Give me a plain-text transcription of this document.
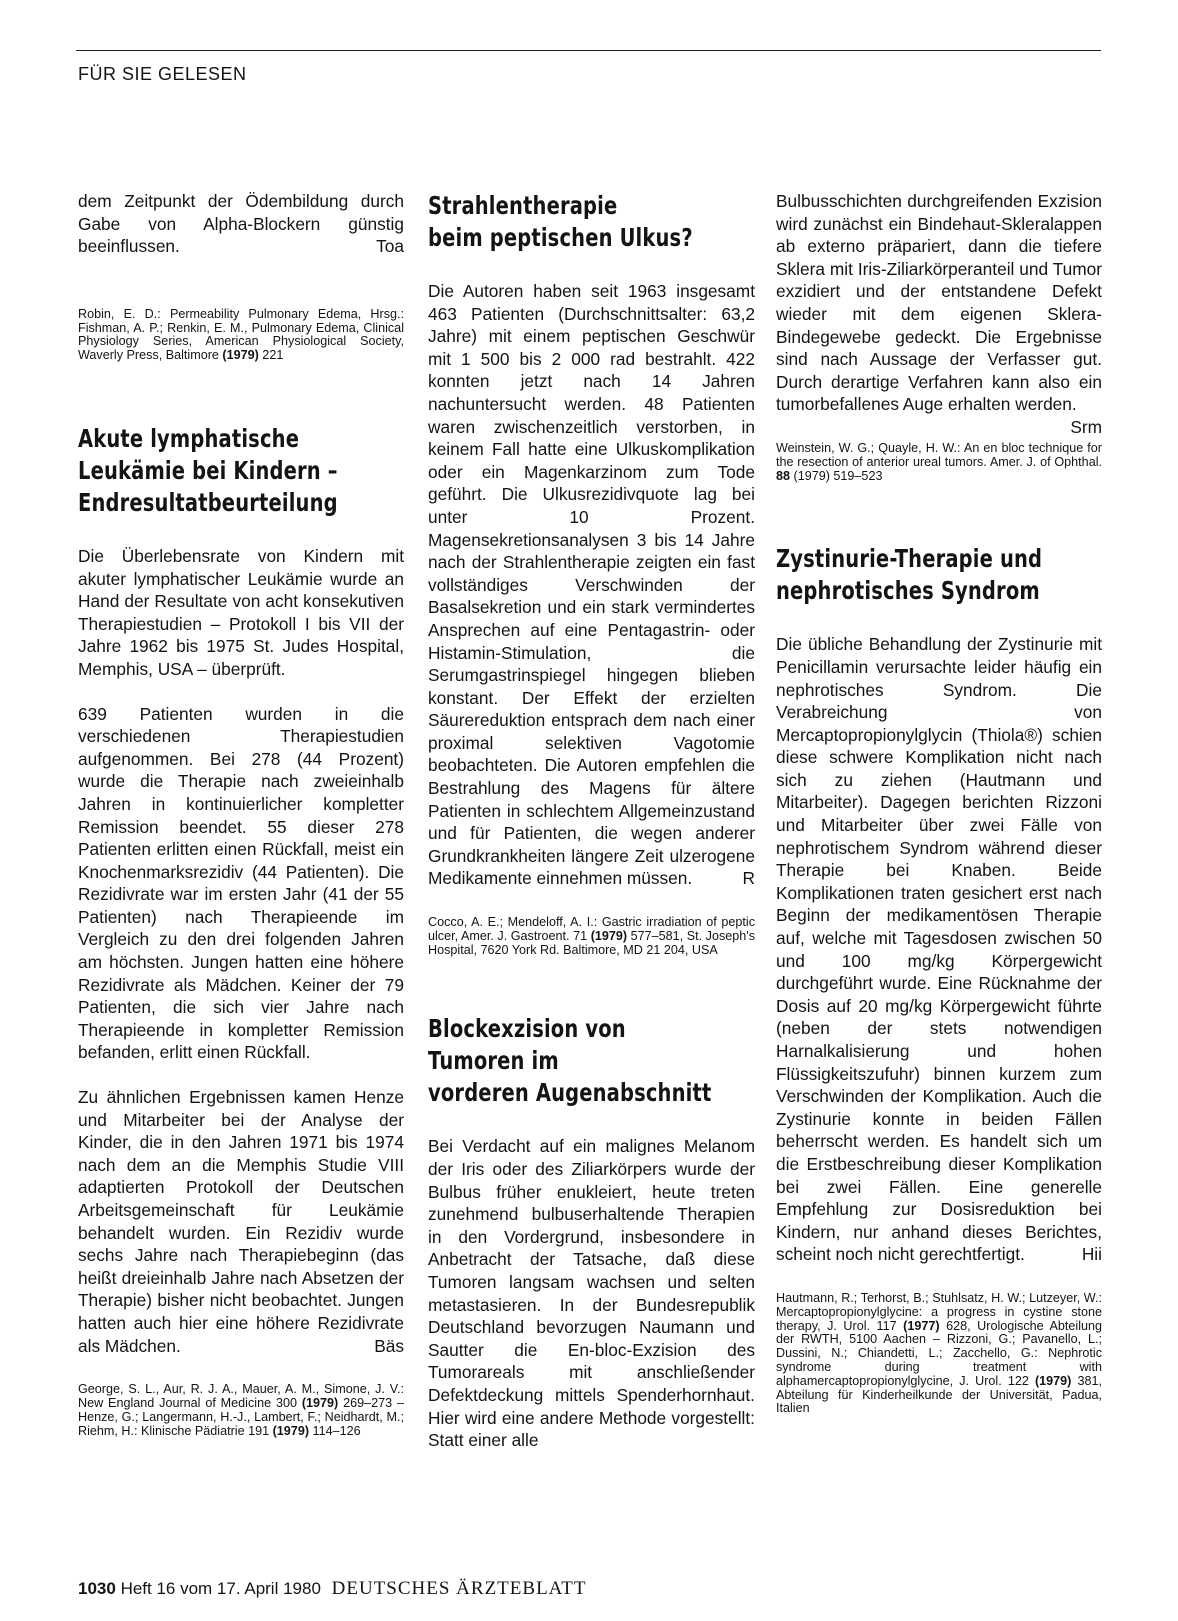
FÜR SIE GELESEN

dem Zeitpunkt der Ödembildung durch Gabe von Alpha-Blockern günstig beeinflussen.	Toa

Robin, E. D.: Permeability Pulmonary Edema, Hrsg.: Fishman, A. P.; Renkin, E. M., Pulmonary Edema, Clinical Physiology Series, American Physiological Society, Waverly Press, Baltimore (1979) 221

Akute lymphatische
Leukämie bei Kindern –
Endresultatbeurteilung

Die Überlebensrate von Kindern mit akuter lymphatischer Leukämie wurde an Hand der Resultate von acht konsekutiven Therapiestudien – Protokoll I bis VII der Jahre 1962 bis 1975 St. Judes Hospital, Memphis, USA – überprüft.

639 Patienten wurden in die verschiedenen Therapiestudien aufgenommen. Bei 278 (44 Prozent) wurde die Therapie nach zweieinhalb Jahren in kontinuierlicher kompletter Remission beendet. 55 dieser 278 Patienten erlitten einen Rückfall, meist ein Knochenmarksrezidiv (44 Patienten). Die Rezidivrate war im ersten Jahr (41 der 55 Patienten) nach Therapieende im Vergleich zu den drei folgenden Jahren am höchsten. Jungen hatten eine höhere Rezidivrate als Mädchen. Keiner der 79 Patienten, die sich vier Jahre nach Therapieende in kompletter Remission befanden, erlitt einen Rückfall.

Zu ähnlichen Ergebnissen kamen Henze und Mitarbeiter bei der Analyse der Kinder, die in den Jahren 1971 bis 1974 nach dem an die Memphis Studie VIII adaptierten Protokoll der Deutschen Arbeitsgemeinschaft für Leukämie behandelt wurden. Ein Rezidiv wurde sechs Jahre nach Therapiebeginn (das heißt dreieinhalb Jahre nach Absetzen der Therapie) bisher nicht beobachtet. Jungen hatten auch hier eine höhere Rezidivrate als Mädchen.	Bäs

George, S. L., Aur, R. J. A., Mauer, A. M., Simone, J. V.: New England Journal of Medicine 300 (1979) 269–273 – Henze, G.; Langermann, H.-J., Lambert, F.; Neidhardt, M.; Riehm, H.: Klinische Pädiatrie 191 (1979) 114–126

Strahlentherapie
beim peptischen Ulkus?

Die Autoren haben seit 1963 insgesamt 463 Patienten (Durchschnittsalter: 63,2 Jahre) mit einem peptischen Geschwür mit 1 500 bis 2 000 rad bestrahlt. 422 konnten jetzt nach 14 Jahren nachuntersucht werden. 48 Patienten waren zwischenzeitlich verstorben, in keinem Fall hatte eine Ulkuskomplikation oder ein Magenkarzinom zum Tode geführt. Die Ulkusrezidivquote lag bei unter 10 Prozent. Magensekretionsanalysen 3 bis 14 Jahre nach der Strahlentherapie zeigten ein fast vollständiges Verschwinden der Basalsekretion und ein stark vermindertes Ansprechen auf eine Pentagastrin- oder Histamin-Stimulation, die Serumgastrinspiegel hingegen blieben konstant. Der Effekt der erzielten Säurereduktion entsprach dem nach einer proximal selektiven Vagotomie beobachteten. Die Autoren empfehlen die Bestrahlung des Magens für ältere Patienten in schlechtem Allgemeinzustand und für Patienten, die wegen anderer Grundkrankheiten längere Zeit ulzerogene Medikamente einnehmen müssen.	R

Cocco, A. E.; Mendeloff, A. I.: Gastric irradiation of peptic ulcer, Amer. J. Gastroent. 71 (1979) 577–581, St. Joseph's Hospital, 7620 York Rd. Baltimore, MD 21 204, USA

Blockexzision von
Tumoren im
vorderen Augenabschnitt

Bei Verdacht auf ein malignes Melanom der Iris oder des Ziliarkörpers wurde der Bulbus früher enukleiert, heute treten zunehmend bulbuserhaltende Therapien in den Vordergrund, insbesondere in Anbetracht der Tatsache, daß diese Tumoren langsam wachsen und selten metastasieren. In der Bundesrepublik Deutschland bevorzugen Naumann und Sautter die En-bloc-Exzision des Tumorareals mit anschließender Defektdeckung mittels Spenderhornhaut. Hier wird eine andere Methode vorgestellt: Statt einer alle

Bulbusschichten durchgreifenden Exzision wird zunächst ein Bindehaut-Skleralappen ab externo präpariert, dann die tiefere Sklera mit Iris-Ziliarkörperanteil und Tumor exzidiert und der entstandene Defekt wieder mit dem eigenen Sklera-Bindegewebe gedeckt. Die Ergebnisse sind nach Aussage der Verfasser gut. Durch derartige Verfahren kann also ein tumorbefallenes Auge erhalten werden.
Srm

Weinstein, W. G.; Quayle, H. W.: An en bloc technique for the resection of anterior ureal tumors. Amer. J. of Ophthal. 88 (1979) 519–523

Zystinurie-Therapie und
nephrotisches Syndrom

Die übliche Behandlung der Zystinurie mit Penicillamin verursachte leider häufig ein nephrotisches Syndrom. Die Verabreichung von Mercaptopropionylglycin (Thiola®) schien diese schwere Komplikation nicht nach sich zu ziehen (Hautmann und Mitarbeiter). Dagegen berichten Rizzoni und Mitarbeiter über zwei Fälle von nephrotischem Syndrom während dieser Therapie bei Knaben. Beide Komplikationen traten gesichert erst nach Beginn der medikamentösen Therapie auf, welche mit Tagesdosen zwischen 50 und 100 mg/kg Körpergewicht durchgeführt wurde. Eine Rücknahme der Dosis auf 20 mg/kg Körpergewicht führte (neben der stets notwendigen Harnalkalisierung und hohen Flüssigkeitszufuhr) binnen kurzem zum Verschwinden der Komplikation. Auch die Zystinurie konnte in beiden Fällen beherrscht werden. Es handelt sich um die Erstbeschreibung dieser Komplikation bei zwei Fällen. Eine generelle Empfehlung zur Dosisreduktion bei Kindern, nur anhand dieses Berichtes, scheint noch nicht gerechtfertigt.	Hii

Hautmann, R.; Terhorst, B.; Stuhlsatz, H. W.; Lutzeyer, W.: Mercaptopropionylglycine: a progress in cystine stone therapy, J. Urol. 117 (1977) 628, Urologische Abteilung der RWTH, 5100 Aachen – Rizzoni, G.; Pavanello, L.; Dussini, N.; Chiandetti, L.; Zacchello, G.: Nephrotic syndrome during treatment with alphamercaptopropionylglycine, J. Urol. 122 (1979) 381, Abteilung für Kinderheilkunde der Universität, Padua, Italien

1030 Heft 16 vom 17. April 1980 DEUTSCHES ÄRZTEBLATT
